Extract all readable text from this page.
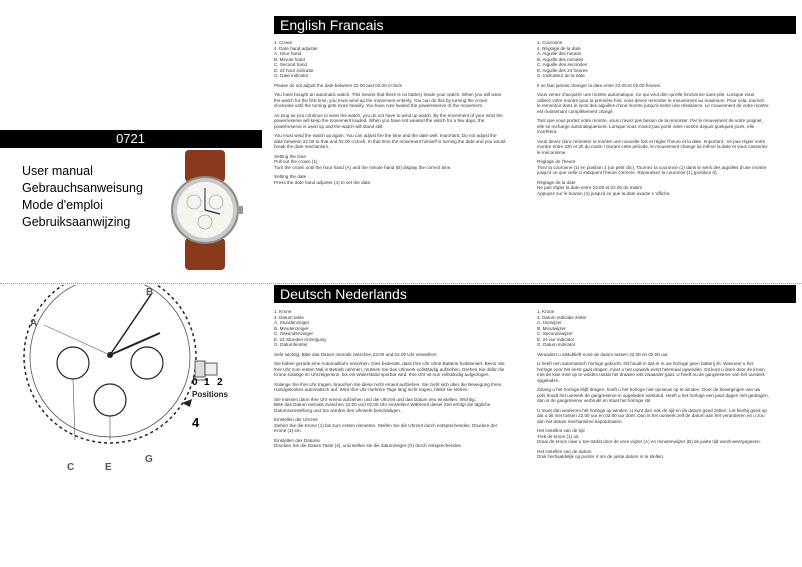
0721
User manual
Gebrauchsanweisung
Mode d'emploi
Gebruiksaanwijzing
B
A
C	E
G
4
0 1 2
Positions
English Francais

1. Crown
4. Date hand adjuster
A. Hour hand
B. Minute hand
C. Second hand
E. 24 hour indicator
G. Date indicator

Please do not adjust the date between 22.00 and 02.00 o'clock.

You have bought an automatic watch. This means that there is no battery inside your watch. When you will wear the watch for the first time, you must wind up the movement entirely. You can do this by turning the crown clockwise until the turning gets more heavily. You have now loaded the powerreserve of the movement.

As long as you continue to wear the watch, you do not have to wind up watch. By the movement of your wrist the powerreserve will keep the movement loaded. When you have not weared the watch for a few days, the powerreserve is used up and the watch will stand still.

You must wind the watch up again. You can adjust the the time and the date well. Important: Do not adjust the date between 22.00 to that and 02.00 o'clock. In that time the movement himself is turning the date and you would break the date mechanism.

Setting the time
Pull out the crown (1).
Turn the crown until the hour hand (A) and the minute hand (B) display the correct time.

Setting the date
Press the date hand adjuster (4) to set the date.

1. Couronne
4. Réglage de la date
A. Aiguille des heures
B. Aiguille des minutes
C. Aiguille des secondes
E. Aiguille des 24 heures
G. Indicateur de la date

Il ne faut jamais changer la date entre 22.00 et 02.00 heures.

Vous venez d'acquérir une montre automatique. Ce qui veut dire qu'elle fonctionne sans pile. Lorsque vous utilisez votre montre pour la première fois, vous devez remonter le mouvement au maximum. Pour cela, tournez le remontoir dans le sens des aiguilles d'une montre jusqu'à sentir une résistance. Le mouvement de votre montre est maintenant complètement chargé.

Tant que vous portez votre montre, vous n'avez pas besoin de la remonter. Par le mouvement de votre poignet, elle se recharge automatiquement. Lorsque vous n'avez pas porté votre montre depuis quelques jours, elle s'arrêtera.

Vous devez donc remonter la montre une nouvelle fois et régler l'heure et la date. Important : ne pas régler votre montre entre 22h et 2h du matin ! Durant cette période, le mouvement change lui-même la date et vous casseriez le mécanisme.

Réglage de l'heure
Tirez la couronne (1) en position 1 (un petit clic). Tournez la couronne (1) dans le sens des aiguilles d'une montre jusqu'à ce que celle-ci indiquent l'heure correcte. Repoussez la couronne (1) (position 0).

Réglage de la date
Ne pas régler la date entre 22.00 et 02.00 du matin!
Appuyez sur le bouton (4) jusqu'à ce que la date exacte s 'affiche.

Deutsch Nederlands

1. Krone
4. Datum taste
A. Stundenzeiger
B. Minutenzeiger
C. Sekundenzeiger
E. 24 Stunden Anzeigung
G. Datumfenster

Sehr wichtig: Bitte das Datum niemals zwischen 22:00 and 02.00 Uhr einstellen!

Sie haben gerade eine Automatikuhr erworben. Dies bedeutet, dass Ihre Uhr ohne Batterie funktioniert. Bevor Sie Ihre Uhr zum ersten Mal in Betrieb nehmen, müssen Sie das Uhrwerk vollständig aufziehen. Drehen Sie dafür die Krone solange im Uhrzeigersinn, bis ein Widerstand spürbar wird. Ihre Uhr ist nun vollständig aufgezogen.

Solange Sie Ihre Uhr tragen, brauchen Sie diese nicht erneut aufziehen. Sie zieht sich über die Bewegung Ihres Handgelenkes automatisch auf. Wird Ihre Uhr mehrere Tage lang nicht tragen, bleibt sie stehen.

Sie müssen dann Ihre Uhr erneut aufziehen und die Uhrzeit und das Datum neu einstellen. Wichtig:
Bitte das Datum niemals zwischen 22:00 und 02:00 Uhr einstellen! Während dieser Zeit erfolgt die tägliche Datumsumstellung und Sie würden den Uhrwerk beschädigen.

Einstellen der Uhrzeit
Ziehen Sie die Krone (1) bis zum ersten einrasten. Stellen Sie die Uhrzeit durch entsprechendes. Drucken der Krone (1) ein.

Einstellen des Datums
Drucken Sie die Datum Taste (4), und stellen sie die datumzeiger (G) durch entsprechendes.

1. Kroon
4. Datum indicatie zetter
A. Uurwijzer
B. Minutwijzer
C. Secondewijzer
E. 24 uur indicator
G. Datum indicator

Verandert u alstublieft nooit de datum tussen 22.00 en 02.00 uur.

U heeft een automatisch horloge gekocht. Dit houdt in dat er in uw horloge geen batterij zit. Wanneer u het horloge voor het eerst gaat dragen, moet u het uurwerk eerst helemaal opwinden. Dit kunt u doen door de kroon met de klok mee op te winden totdat het draaien iets zwaarder gaat. U heeft nu de gangreserve van het uurwerk opgeladen.

Zolang u het horloge blijft dragen, hoeft u het horloge niet opnieuw op te winden. Door de bewegingen van uw pols houdt het uurwerk de gangreserve in opgeladen toestand. Heeft u het horloge een paar dagen niet gedragen, dan is de gangreserve verbruikt en staat het horloge stil.

U moet dan wederom het horloge op winden. U kunt dan ook de tijd en de datum goed zetten. Let hierbij goed op dat u dit niet tussen 22.00 uur en 02.00 uur doet. Dan is het uurwerk zelf de datum aan het veranderen en u zou dan het datum mechanisme kapotdraaien.

Het instellen van de tijd
Trek de kroon (1) uit.
Draai de kroon naar u toe totdat door de uren wijzer (A) en minutenwijzer (B) de juiste tijd wordt weergegeven.

Het instellen van de datum
Druk herhaaldelijk op punter 4 om de juiste datum in te stellen.
